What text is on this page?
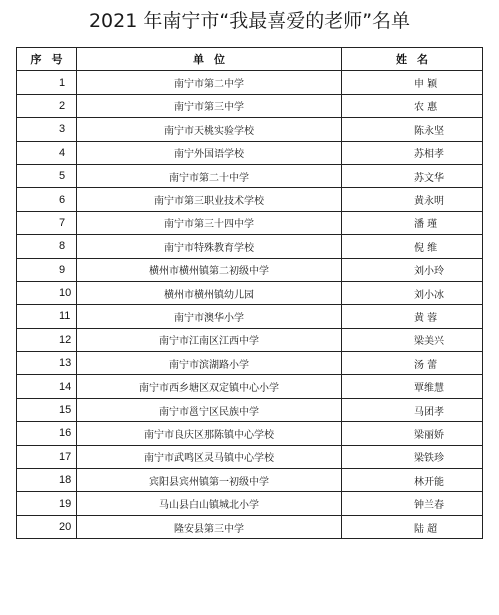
2021 年南宁市“我最喜爱的老师”名单
序号	单位	姓名
1	南宁市第二中学	申 颖
2	南宁市第三中学	农 惠
3	南宁市天桃实验学校	陈永坚
4	南宁外国语学校	苏相孝
5	南宁市第二十中学	苏文华
6	南宁市第三职业技术学校	黄永明
7	南宁市第三十四中学	潘 瑾
8	南宁市特殊教育学校	倪 维
9	横州市横州镇第二初级中学	刘小玲
10	横州市横州镇幼儿园	刘小冰
11	南宁市澳华小学	黄 蓉
12	南宁市江南区江西中学	梁美兴
13	南宁市滨湖路小学	汤 蕾
14	南宁市西乡塘区双定镇中心小学	覃维慧
15	南宁市邕宁区民族中学	马团孝
16	南宁市良庆区那陈镇中心学校	梁丽娇
17	南宁市武鸣区灵马镇中心学校	梁铁珍
18	宾阳县宾州镇第一初级中学	林开能
19	马山县白山镇城北小学	钟兰春
20	隆安县第三中学	陆 超
